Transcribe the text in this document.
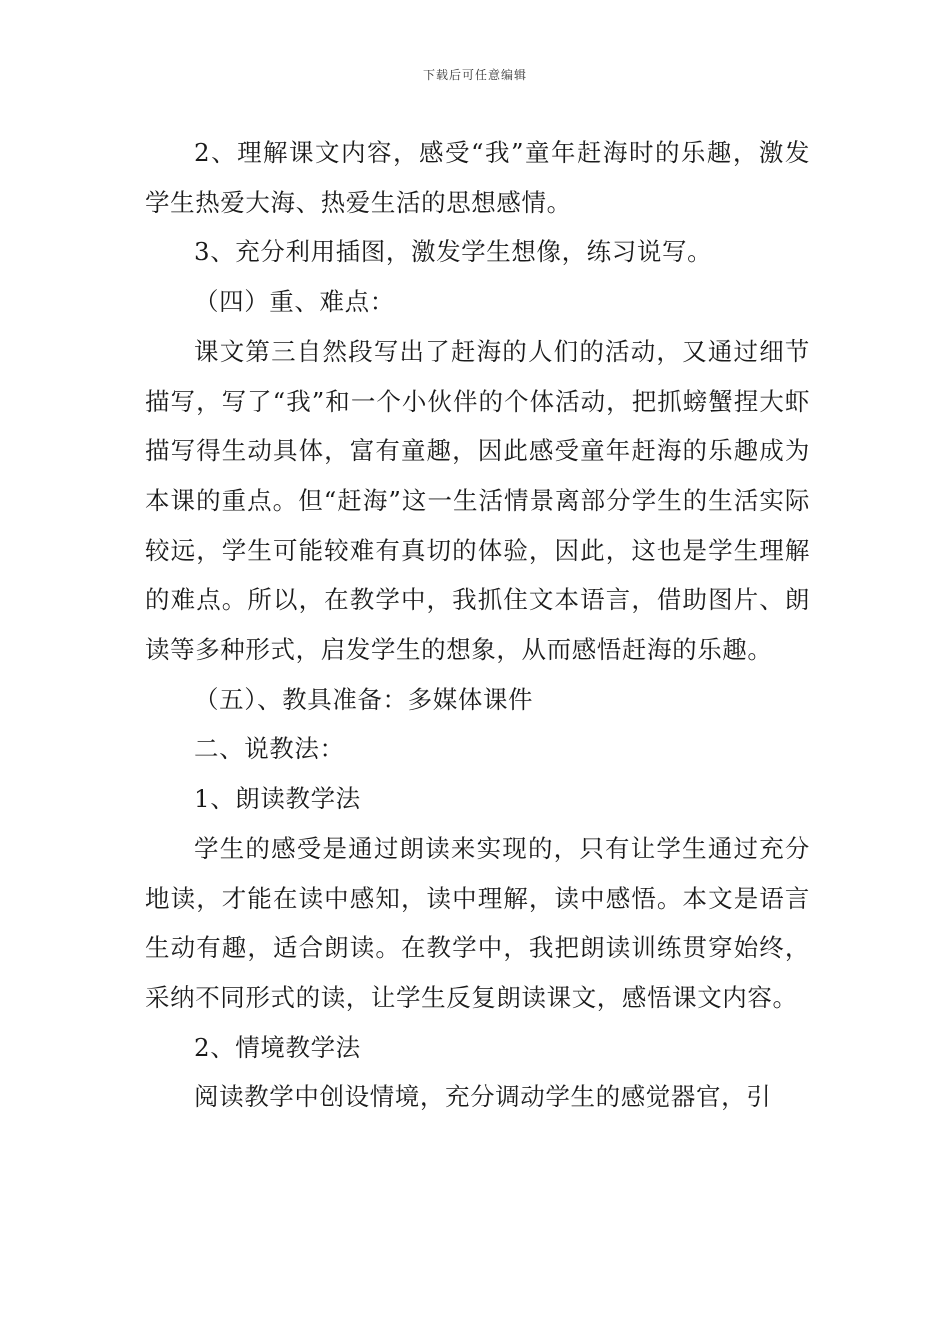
下载后可任意编辑

2、理解课文内容，感受“我”童年赶海时的乐趣，激发学生热爱大海、热爱生活的思想感情。

3、充分利用插图，激发学生想像，练习说写。

（四）重、难点：

课文第三自然段写出了赶海的人们的活动，又通过细节描写，写了“我”和一个小伙伴的个体活动，把抓螃蟹捏大虾描写得生动具体，富有童趣，因此感受童年赶海的乐趣成为本课的重点。但“赶海”这一生活情景离部分学生的生活实际较远，学生可能较难有真切的体验，因此，这也是学生理解的难点。所以，在教学中，我抓住文本语言，借助图片、朗读等多种形式，启发学生的想象，从而感悟赶海的乐趣。

（五）、教具准备：多媒体课件

二、说教法：

1、朗读教学法

学生的感受是通过朗读来实现的，只有让学生通过充分地读，才能在读中感知，读中理解，读中感悟。本文是语言生动有趣，适合朗读。在教学中，我把朗读训练贯穿始终，采纳不同形式的读，让学生反复朗读课文，感悟课文内容。

2、情境教学法

阅读教学中创设情境，充分调动学生的感觉器官，引
